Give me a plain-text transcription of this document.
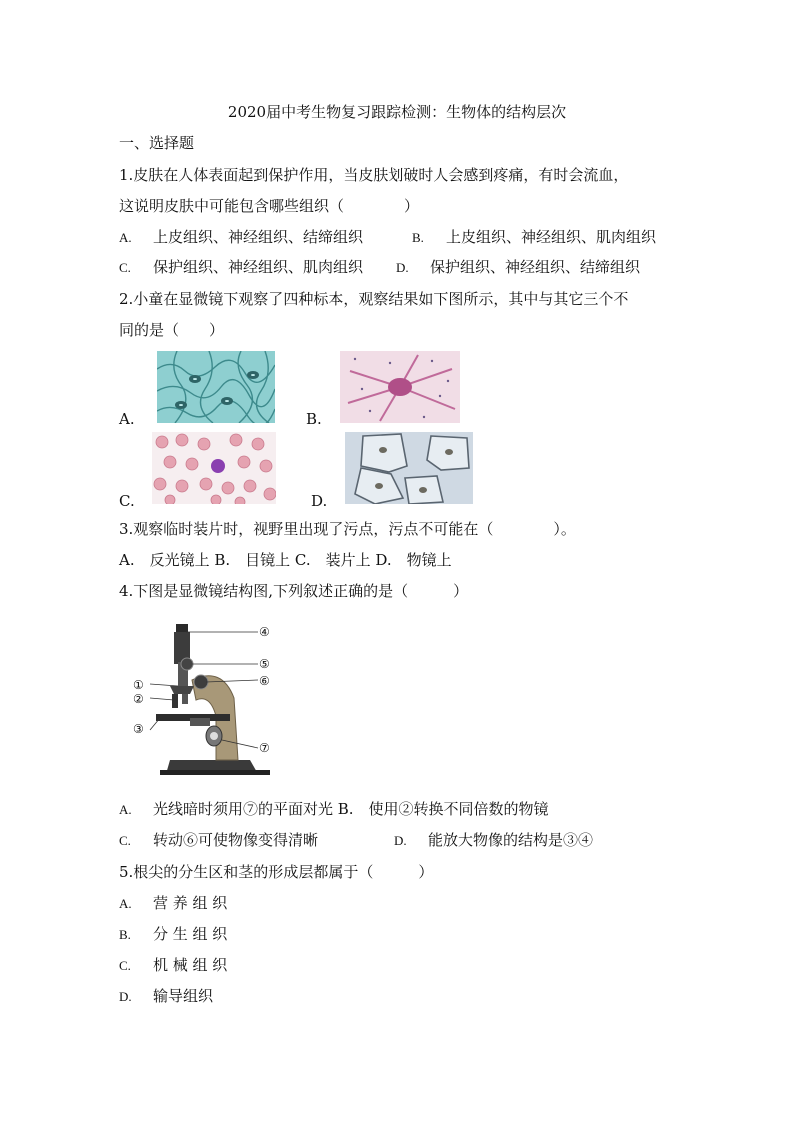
2020届中考生物复习跟踪检测：生物体的结构层次
一、选择题
1.皮肤在人体表面起到保护作用，当皮肤划破时人会感到疼痛，有时会流血，
这说明皮肤中可能包含哪些组织（　　　　）
A. 上皮组织、神经组织、结缔组织	B. 上皮组织、神经组织、肌肉组织
C. 保护组织、神经组织、肌肉组织	D. 保护组织、神经组织、结缔组织
2.小童在显微镜下观察了四种标本，观察结果如下图所示，其中与其它三个不
同的是（　　）
A.	B.
C.	D.
3.观察临时装片时，视野里出现了污点，污点不可能在（　　　　）。
A.　反光镜上 B.　目镜上 C.　装片上 D.　物镜上
4.下图是显微镜结构图,下列叙述正确的是（　　　）
④
⑤
⑥
①
②
③
⑦
A. 光线暗时须用⑦的平面对光 B.　使用②转换不同倍数的物镜
C. 转动⑥可使物像变得清晰	D. 能放大物像的结构是③④
5.根尖的分生区和茎的形成层都属于（　　　）
A. 营 养 组 织
B. 分 生 组 织
C. 机 械 组 织
D. 输导组织
